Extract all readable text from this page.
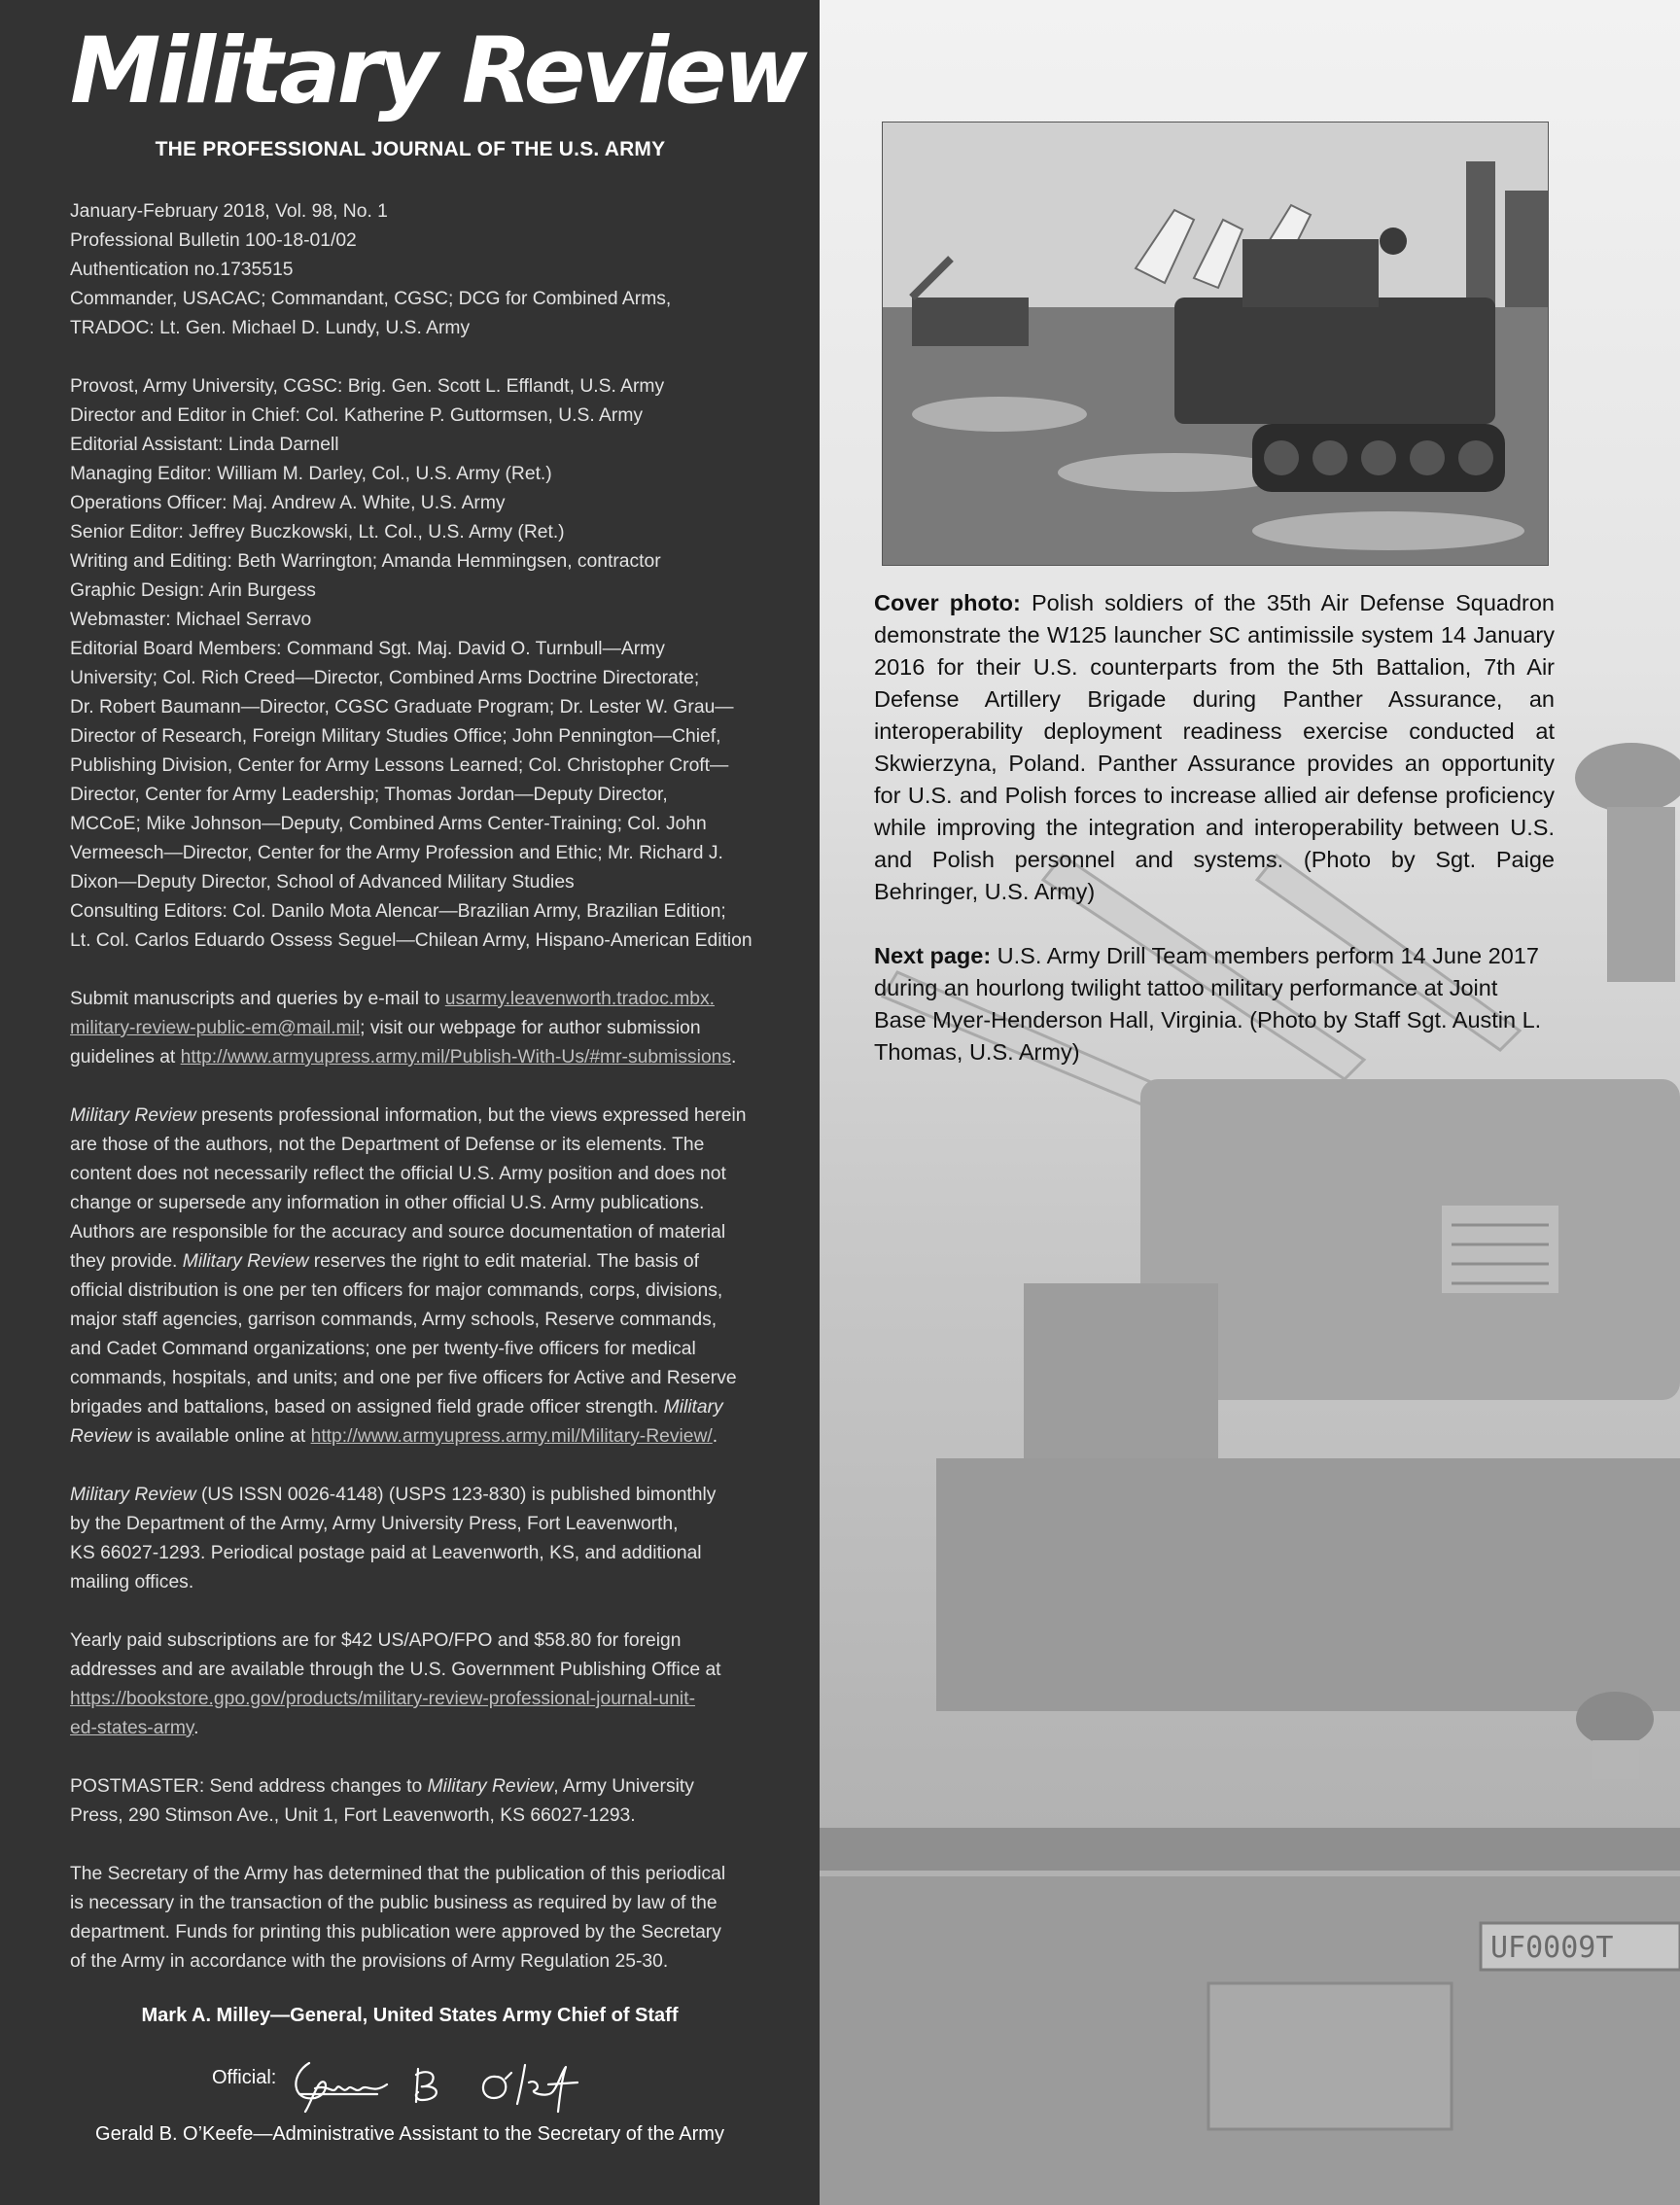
Military Review
THE PROFESSIONAL JOURNAL OF THE U.S. ARMY
January-February 2018, Vol. 98, No. 1
Professional Bulletin 100-18-01/02
Authentication no.1735515
Commander, USACAC; Commandant, CGSC; DCG for Combined Arms,
TRADOC: Lt. Gen. Michael D. Lundy, U.S. Army
Provost, Army University, CGSC: Brig. Gen. Scott L. Efflandt, U.S. Army
Director and Editor in Chief: Col. Katherine P. Guttormsen, U.S. Army
Editorial Assistant: Linda Darnell
Managing Editor: William M. Darley, Col., U.S. Army (Ret.)
Operations Officer: Maj. Andrew A. White, U.S. Army
Senior Editor: Jeffrey Buczkowski, Lt. Col., U.S. Army (Ret.)
Writing and Editing: Beth Warrington; Amanda Hemmingsen, contractor
Graphic Design: Arin Burgess
Webmaster: Michael Serravo
Editorial Board Members: Command Sgt. Maj. David O. Turnbull—Army
University; Col. Rich Creed—Director, Combined Arms Doctrine Directorate;
Dr. Robert Baumann—Director, CGSC Graduate Program; Dr. Lester W. Grau—
Director of Research, Foreign Military Studies Office; John Pennington—Chief,
Publishing Division, Center for Army Lessons Learned; Col. Christopher Croft—
Director, Center for Army Leadership; Thomas Jordan—Deputy Director,
MCCoE; Mike Johnson—Deputy, Combined Arms Center-Training; Col. John
Vermeesch—Director, Center for the Army Profession and Ethic; Mr. Richard J.
Dixon—Deputy Director, School of Advanced Military Studies
Consulting Editors: Col. Danilo Mota Alencar—Brazilian Army, Brazilian Edition;
Lt. Col. Carlos Eduardo Ossess Seguel—Chilean Army, Hispano-American Edition
Submit manuscripts and queries by e-mail to usarmy.leavenworth.tradoc.mbx.
military-review-public-em@mail.mil; visit our webpage for author submission
guidelines at http://www.armyupress.army.mil/Publish-With-Us/#mr-submissions.
Military Review presents professional information, but the views expressed herein
are those of the authors, not the Department of Defense or its elements. The
content does not necessarily reflect the official U.S. Army position and does not
change or supersede any information in other official U.S. Army publications.
Authors are responsible for the accuracy and source documentation of material
they provide. Military Review reserves the right to edit material. The basis of
official distribution is one per ten officers for major commands, corps, divisions,
major staff agencies, garrison commands, Army schools, Reserve commands,
and Cadet Command organizations; one per twenty-five officers for medical
commands, hospitals, and units; and one per five officers for Active and Reserve
brigades and battalions, based on assigned field grade officer strength. Military
Review is available online at http://www.armyupress.army.mil/Military-Review/.
Military Review (US ISSN 0026-4148) (USPS 123-830) is published bimonthly
by the Department of the Army, Army University Press, Fort Leavenworth,
KS 66027-1293. Periodical postage paid at Leavenworth, KS, and additional
mailing offices.
Yearly paid subscriptions are for $42 US/APO/FPO and $58.80 for foreign
addresses and are available through the U.S. Government Publishing Office at
https://bookstore.gpo.gov/products/military-review-professional-journal-unit-
ed-states-army.
POSTMASTER: Send address changes to Military Review, Army University
Press, 290 Stimson Ave., Unit 1, Fort Leavenworth, KS 66027-1293.
The Secretary of the Army has determined that the publication of this periodical
is necessary in the transaction of the public business as required by law of the
department. Funds for printing this publication were approved by the Secretary
of the Army in accordance with the provisions of Army Regulation 25-30.
Mark A. Milley—General, United States Army Chief of Staff
Official:
Gerald B. O’Keefe—Administrative Assistant to the Secretary of the Army
UF0009T
Cover photo: Polish soldiers of the 35th Air Defense Squadron demonstrate the W125 launcher SC antimissile system 14 January 2016 for their U.S. counterparts from the 5th Battalion, 7th Air Defense Artillery Brigade during Panther Assurance, an interoperability deployment readiness exercise conducted at Skwierzyna, Poland. Panther Assurance provides an opportunity for U.S. and Polish forces to increase allied air defense proficiency while improving the integration and interoperability between U.S. and Polish personnel and systems. (Photo by Sgt. Paige Behringer, U.S. Army)
Next page: U.S. Army Drill Team members perform 14 June 2017 during an hourlong twilight tattoo military performance at Joint Base Myer-Henderson Hall, Virginia. (Photo by Staff Sgt. Austin L. Thomas, U.S. Army)
